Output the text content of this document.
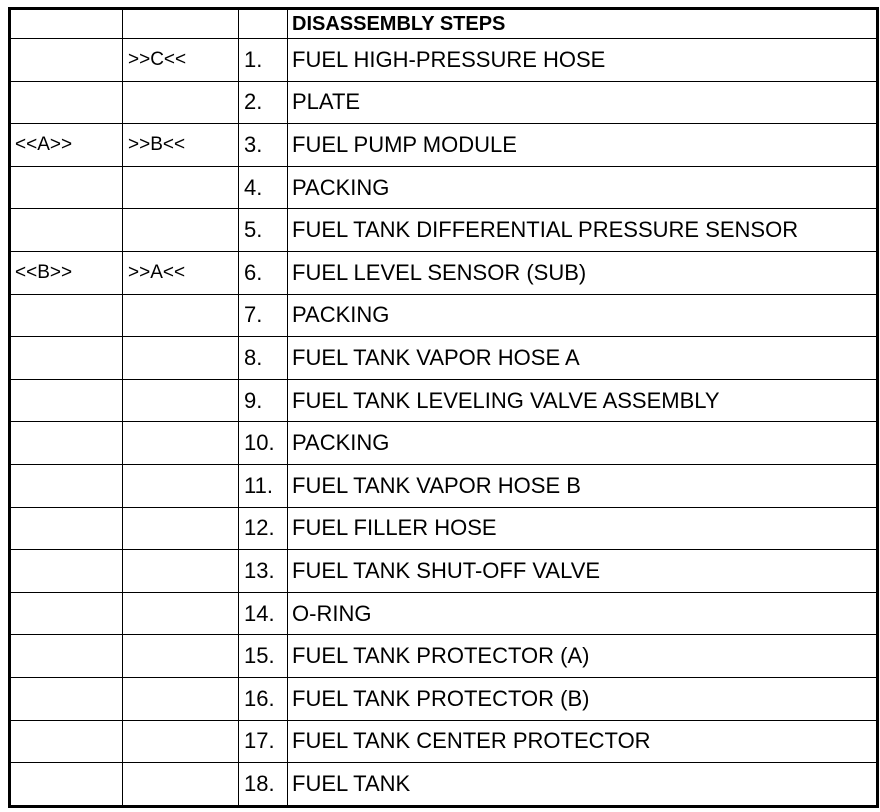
			DISASSEMBLY STEPS
	>>C<<	1.	FUEL HIGH-PRESSURE HOSE
		2.	PLATE
<<A>>	>>B<<	3.	FUEL PUMP MODULE
		4.	PACKING
		5.	FUEL TANK DIFFERENTIAL PRESSURE SENSOR
<<B>>	>>A<<	6.	FUEL LEVEL SENSOR (SUB)
		7.	PACKING
		8.	FUEL TANK VAPOR HOSE A
		9.	FUEL TANK LEVELING VALVE ASSEMBLY
		10.	PACKING
		11.	FUEL TANK VAPOR HOSE B
		12.	FUEL FILLER HOSE
		13.	FUEL TANK SHUT-OFF VALVE
		14.	O-RING
		15.	FUEL TANK PROTECTOR (A)
		16.	FUEL TANK PROTECTOR (B)
		17.	FUEL TANK CENTER PROTECTOR
		18.	FUEL TANK
